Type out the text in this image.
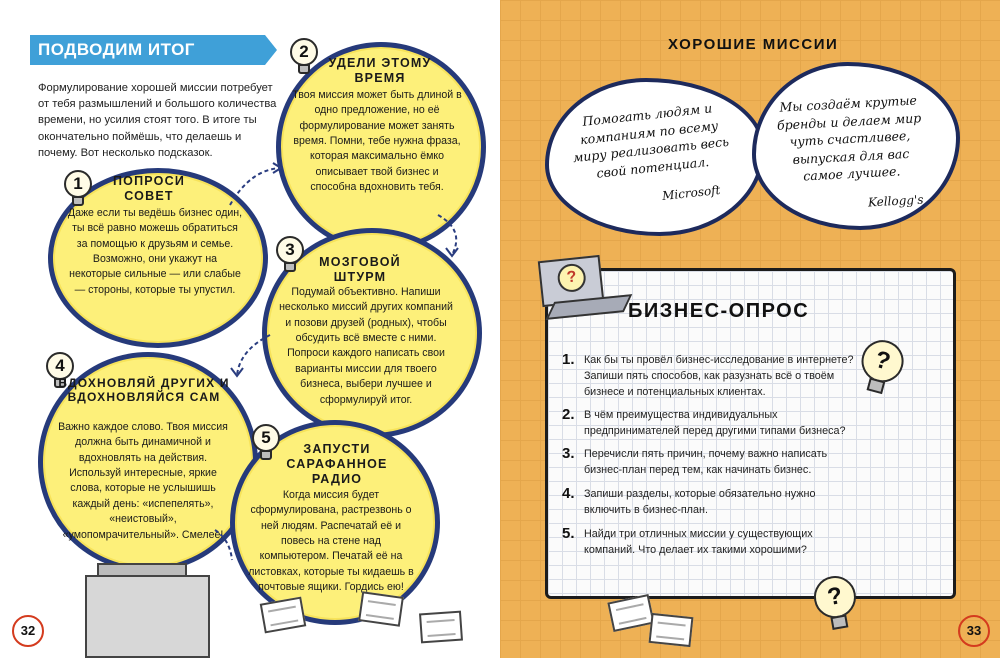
ПОДВОДИМ ИТОГ
Формулирование хорошей миссии потребует от тебя размышлений и большого количества времени, но усилия стоят того. В итоге ты окончательно поймёшь, что делаешь и почему. Вот несколько подсказок.
2
УДЕЛИ ЭТОМУ ВРЕМЯ
Твоя миссия может быть длиной в одно предложение, но её формулирование может занять время. Помни, тебе нужна фраза, которая максимально ёмко описывает твой бизнес и способна вдохновить тебя.
1	ПОПРОСИ СОВЕТ
Даже если ты ведёшь бизнес один, ты всё равно можешь обратиться за помощью к друзьям и семье. Возможно, они укажут на некоторые сильные — или слабые — стороны, которые ты упустил.
3
МОЗГОВОЙ ШТУРМ
Подумай объективно. Напиши несколько миссий других компаний и позови друзей (родных), чтобы обсудить всё вместе с ними. Попроси каждого написать свои варианты миссии для твоего бизнеса, выбери лучшее и сформулируй итог.
4
ВДОХНОВЛЯЙ ДРУГИХ И ВДОХНОВЛЯЙСЯ САМ
Важно каждое слово. Твоя миссия должна быть динамичной и вдохновлять на действия. Используй интересные, яркие слова, которые не услышишь каждый день: «испепелять», «неистовый», «умопомрачительный». Смелее!
5
ЗАПУСТИ САРАФАННОЕ РАДИО
Когда миссия будет сформулирована, растрезвонь о ней людям. Распечатай её и повесь на стене над компьютером. Печатай её на листовках, которые ты кидаешь в почтовые ящики. Гордись ею!
32
ХОРОШИЕ МИССИИ
Помогать людям и компаниям по всему миру реализовать весь свой потенциал.
Microsoft
Мы создаём крутые бренды и делаем мир чуть счастливее, выпуская для вас самое лучшее.
Kellogg's
?
БИЗНЕС-ОПРОС
1. Как бы ты провёл бизнес-исследование в интернете? Запиши пять способов, как разузнать всё о твоём бизнесе и потенциальных клиентах.
2. В чём преимущества индивидуальных предпринимателей перед другими типами бизнеса?
3. Перечисли пять причин, почему важно написать бизнес-план перед тем, как начинать бизнес.
4. Запиши разделы, которые обязательно нужно включить в бизнес-план.
5. Найди три отличных миссии у существующих компаний. Что делает их такими хорошими?
?
?
33
